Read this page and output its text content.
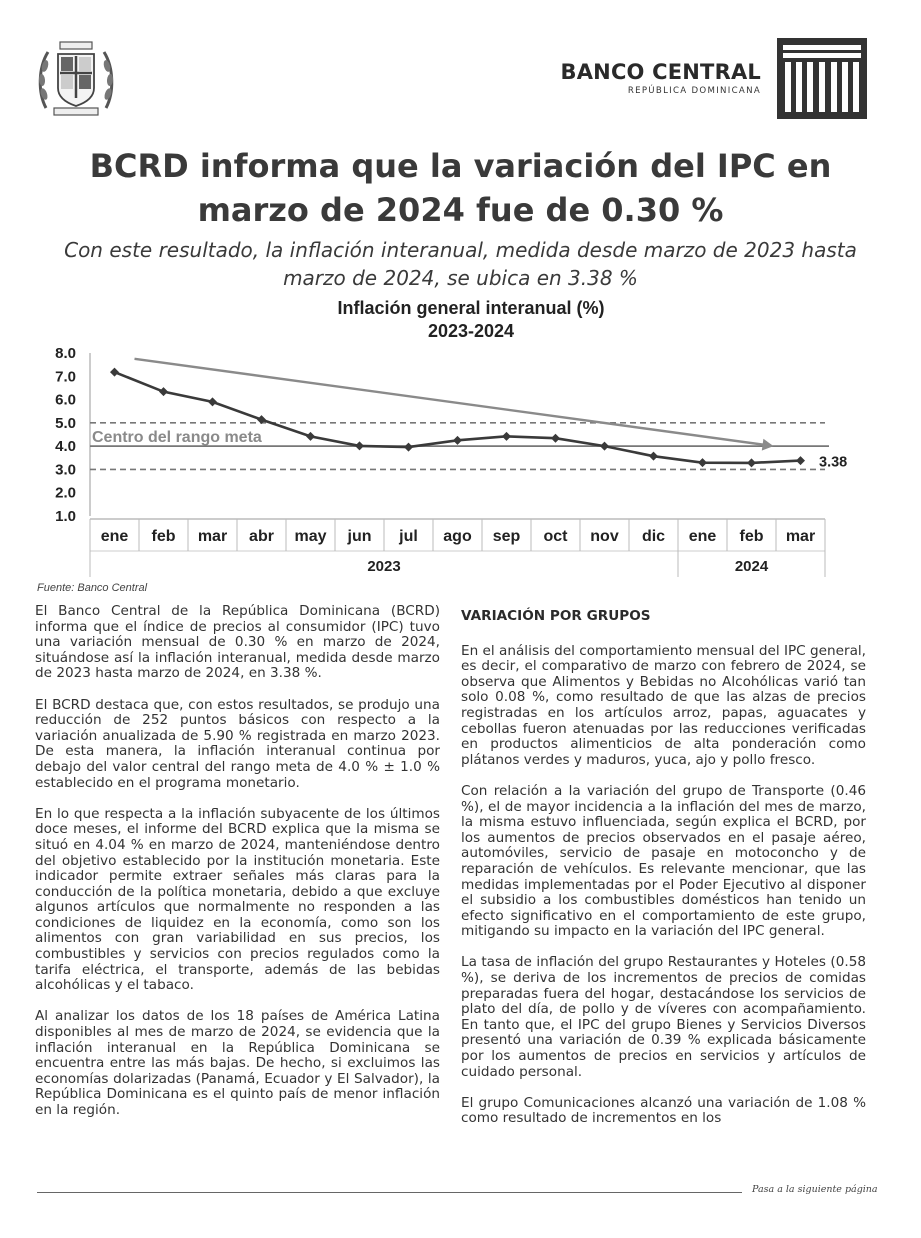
BANCO CENTRAL
REPÚBLICA DOMINICANA
BCRD informa que la variación del IPC en marzo de 2024 fue de 0.30 %

Con este resultado, la inflación interanual, medida desde marzo de 2023 hasta marzo de 2024, se ubica en 3.38 %

Inflación general interanual (%)
2023-2024
1.0
2.0
3.0
4.0
5.0
6.0
7.0
8.0
Centro del rango meta
3.38
ene feb mar abr may jun jul ago sep oct nov dic ene feb mar
2023	2024
Fuente: Banco Central

El Banco Central de la República Dominicana (BCRD) informa que el índice de precios al consumidor (IPC) tuvo una variación mensual de 0.30 % en marzo de 2024, situándose así la inflación interanual, medida desde marzo de 2023 hasta marzo de 2024, en 3.38 %.

El BCRD destaca que, con estos resultados, se produjo una reducción de 252 puntos básicos con respecto a la variación anualizada de 5.90 % registrada en marzo 2023. De esta manera, la inflación interanual continua por debajo del valor central del rango meta de 4.0 % ± 1.0 % establecido en el programa monetario.

En lo que respecta a la inflación subyacente de los últimos doce meses, el informe del BCRD explica que la misma se situó en 4.04 % en marzo de 2024, manteniéndose dentro del objetivo establecido por la institución monetaria. Este indicador permite extraer señales más claras para la conducción de la política monetaria, debido a que excluye algunos artículos que normalmente no responden a las condiciones de liquidez en la economía, como son los alimentos con gran variabilidad en sus precios, los combustibles y servicios con precios regulados como la tarifa eléctrica, el transporte, además de las bebidas alcohólicas y el tabaco.

Al analizar los datos de los 18 países de América Latina disponibles al mes de marzo de 2024, se evidencia que la inflación interanual en la República Dominicana se encuentra entre las más bajas. De hecho, si excluimos las economías dolarizadas (Panamá, Ecuador y El Salvador), la República Dominicana es el quinto país de menor inflación en la región.

VARIACIÓN POR GRUPOS

En el análisis del comportamiento mensual del IPC general, es decir, el comparativo de marzo con febrero de 2024, se observa que Alimentos y Bebidas no Alcohólicas varió tan solo 0.08 %, como resultado de que las alzas de precios registradas en los artículos arroz, papas, aguacates y cebollas fueron atenuadas por las reducciones verificadas en productos alimenticios de alta ponderación como plátanos verdes y maduros, yuca, ajo y pollo fresco.

Con relación a la variación del grupo de Transporte (0.46 %), el de mayor incidencia a la inflación del mes de marzo, la misma estuvo influenciada, según explica el BCRD, por los aumentos de precios observados en el pasaje aéreo, automóviles, servicio de pasaje en motoconcho y de reparación de vehículos. Es relevante mencionar, que las medidas implementadas por el Poder Ejecutivo al disponer el subsidio a los combustibles domésticos han tenido un efecto significativo en el comportamiento de este grupo, mitigando su impacto en la variación del IPC general.

La tasa de inflación del grupo Restaurantes y Hoteles (0.58 %), se deriva de los incrementos de precios de comidas preparadas fuera del hogar, destacándose los servicios de plato del día, de pollo y de víveres con acompañamiento. En tanto que, el IPC del grupo Bienes y Servicios Diversos presentó una variación de 0.39 % explicada básicamente por los aumentos de precios en servicios y artículos de cuidado personal.

El grupo Comunicaciones alcanzó una variación de 1.08 % como resultado de incrementos en los

Pasa a la siguiente página
